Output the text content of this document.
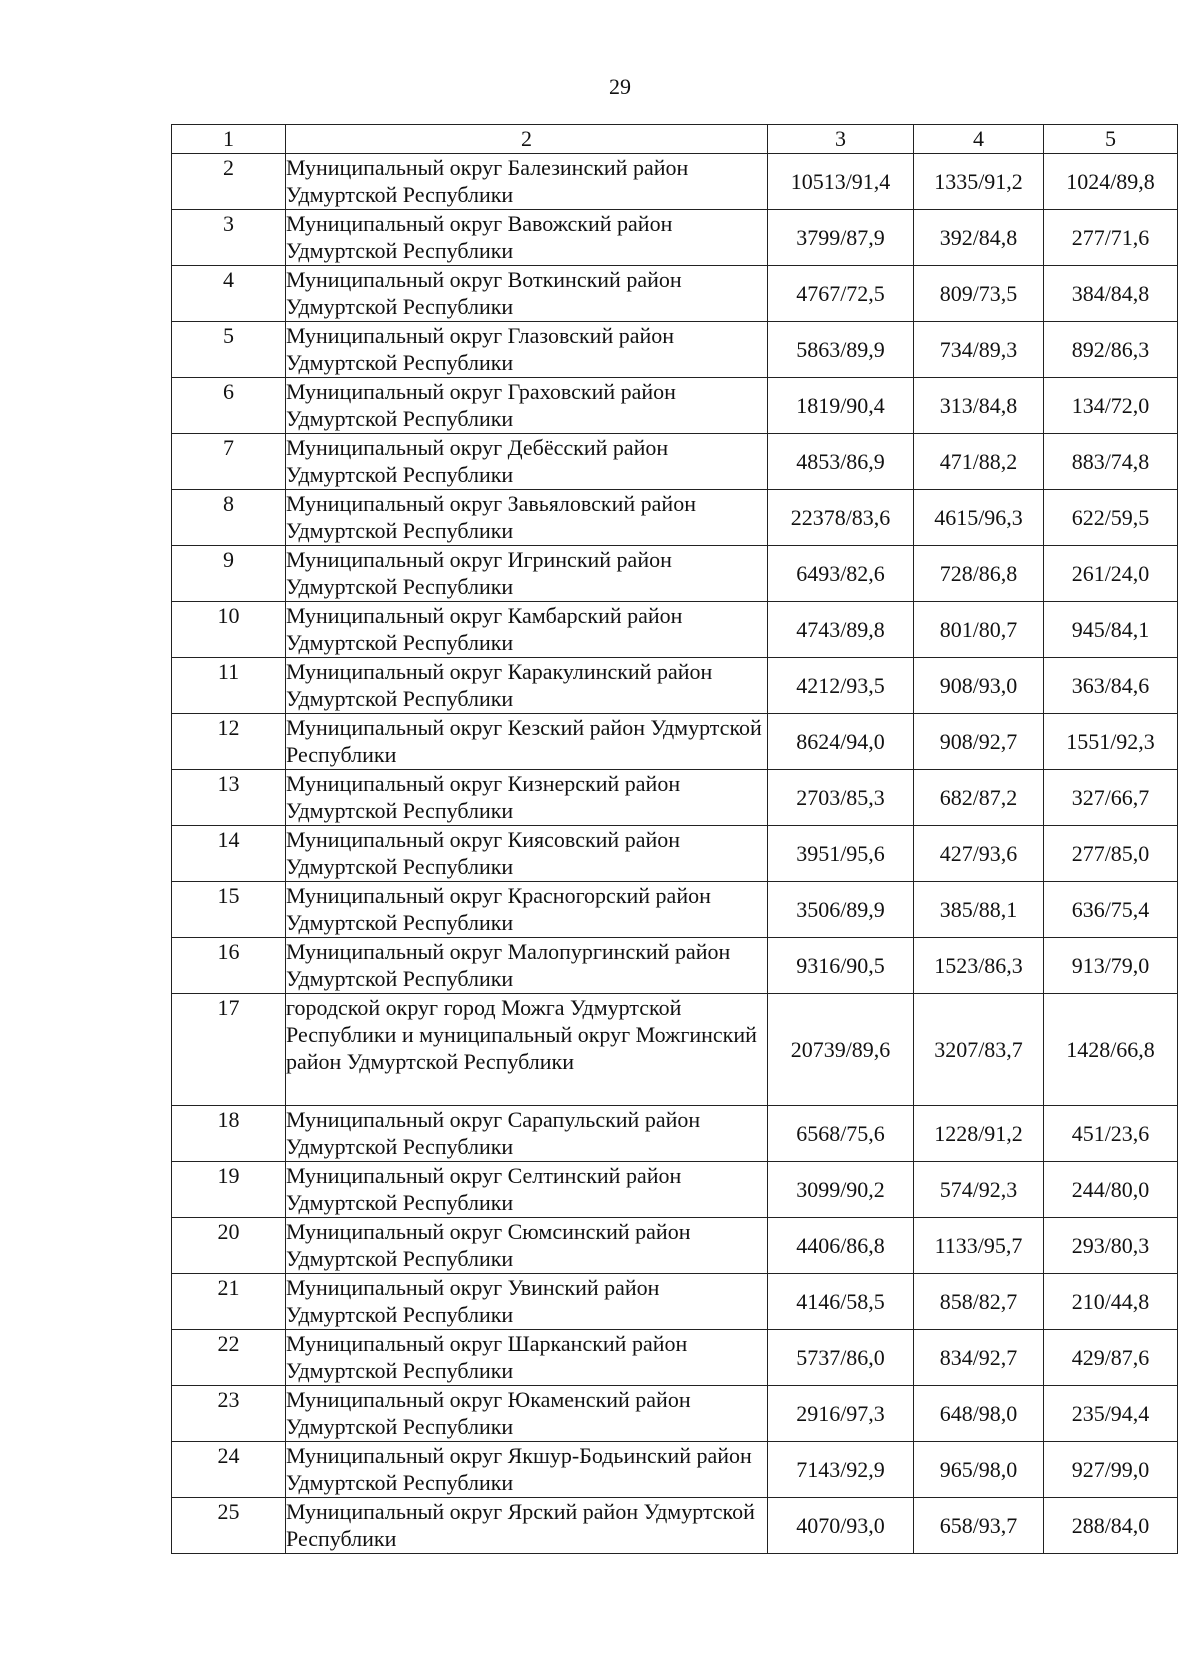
29
1	2	3	4	5
2	Муниципальный округ Балезинский район Удмуртской Республики	10513/91,4	1335/91,2	1024/89,8
3	Муниципальный округ Вавожский район Удмуртской Республики	3799/87,9	392/84,8	277/71,6
4	Муниципальный округ Воткинский район Удмуртской Республики	4767/72,5	809/73,5	384/84,8
5	Муниципальный округ Глазовский район Удмуртской Республики	5863/89,9	734/89,3	892/86,3
6	Муниципальный округ Граховский район Удмуртской Республики	1819/90,4	313/84,8	134/72,0
7	Муниципальный округ Дебёсский район Удмуртской Республики	4853/86,9	471/88,2	883/74,8
8	Муниципальный округ Завьяловский район Удмуртской Республики	22378/83,6	4615/96,3	622/59,5
9	Муниципальный округ Игринский район Удмуртской Республики	6493/82,6	728/86,8	261/24,0
10	Муниципальный округ Камбарский район Удмуртской Республики	4743/89,8	801/80,7	945/84,1
11	Муниципальный округ Каракулинский район Удмуртской Республики	4212/93,5	908/93,0	363/84,6
12	Муниципальный округ Кезский район Удмуртской Республики	8624/94,0	908/92,7	1551/92,3
13	Муниципальный округ Кизнерский район Удмуртской Республики	2703/85,3	682/87,2	327/66,7
14	Муниципальный округ Киясовский район Удмуртской Республики	3951/95,6	427/93,6	277/85,0
15	Муниципальный округ Красногорский район Удмуртской Республики	3506/89,9	385/88,1	636/75,4
16	Муниципальный округ Малопургинский район Удмуртской Республики	9316/90,5	1523/86,3	913/79,0
17	городской округ город Можга Удмуртской Республики и муниципальный округ Можгинский район Удмуртской Республики	20739/89,6	3207/83,7	1428/66,8
18	Муниципальный округ Сарапульский район Удмуртской Республики	6568/75,6	1228/91,2	451/23,6
19	Муниципальный округ Селтинский район Удмуртской Республики	3099/90,2	574/92,3	244/80,0
20	Муниципальный округ Сюмсинский район Удмуртской Республики	4406/86,8	1133/95,7	293/80,3
21	Муниципальный округ Увинский район Удмуртской Республики	4146/58,5	858/82,7	210/44,8
22	Муниципальный округ Шарканский район Удмуртской Республики	5737/86,0	834/92,7	429/87,6
23	Муниципальный округ Юкаменский район Удмуртской Республики	2916/97,3	648/98,0	235/94,4
24	Муниципальный округ Якшур-Бодьинский район Удмуртской Республики	7143/92,9	965/98,0	927/99,0
25	Муниципальный округ Ярский район Удмуртской Республики	4070/93,0	658/93,7	288/84,0
